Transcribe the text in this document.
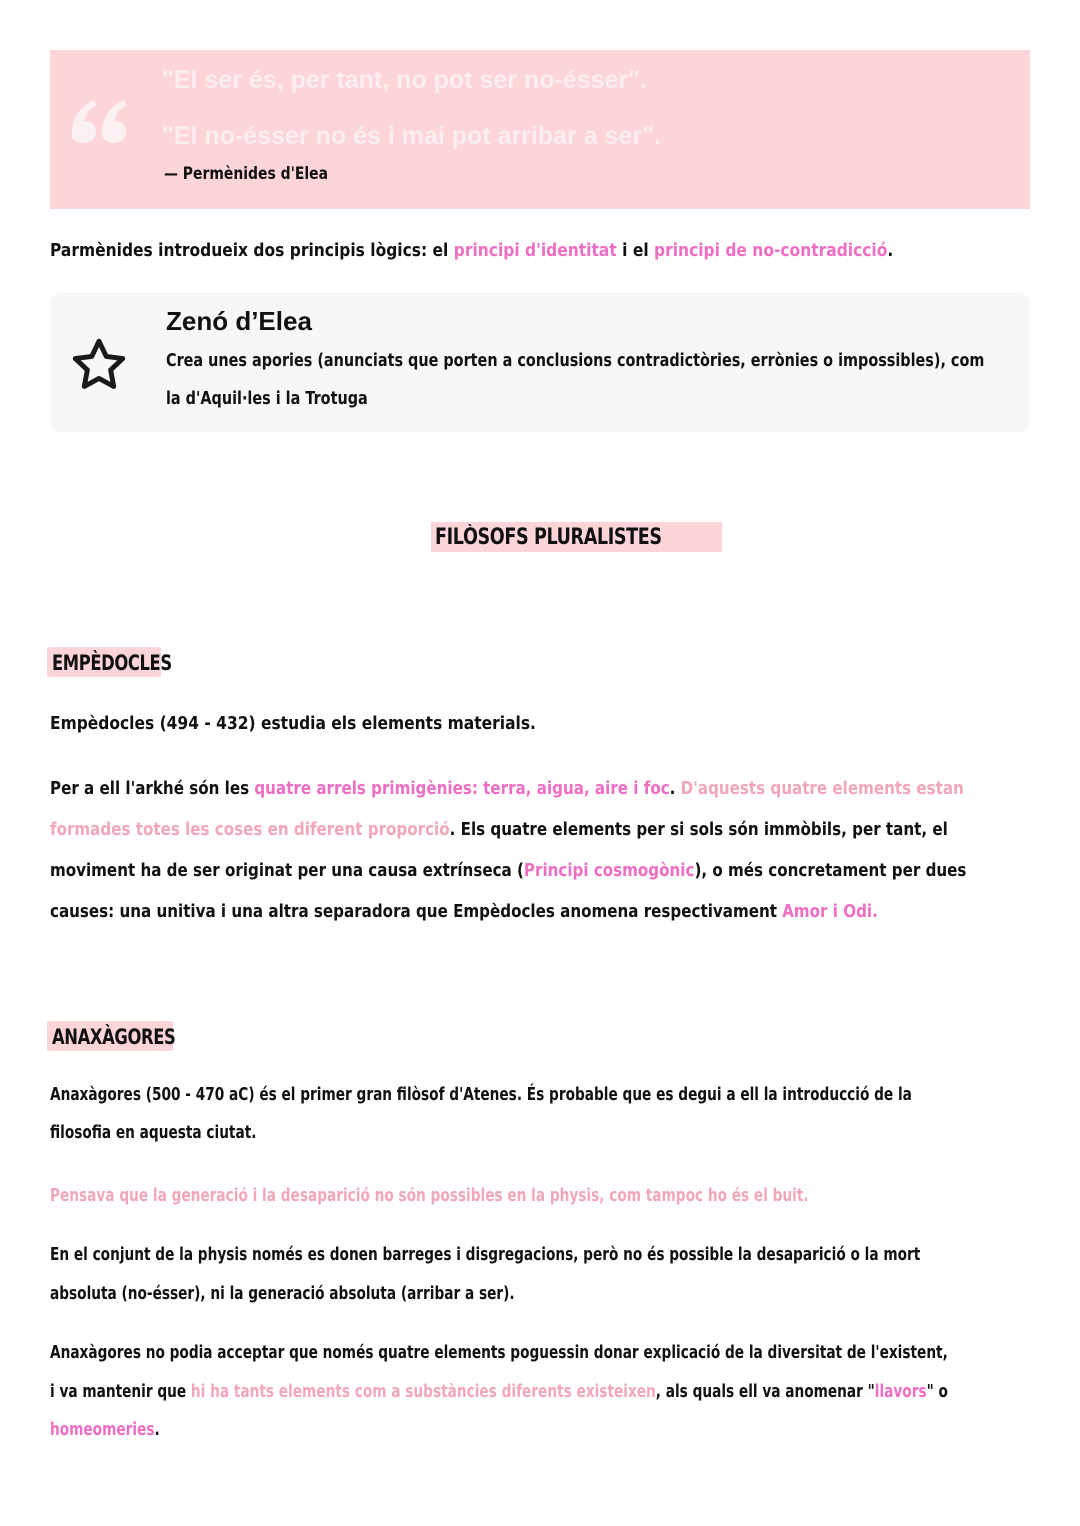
"El ser és, per tant, no pot ser no-ésser".
"El no-ésser no és i mai pot arribar a ser".
— Permènides d'Elea
Parmènides introdueix dos principis lògics: el principi d'identitat i el principi de no-contradicció.
Zenó d’Elea
Crea unes apories (anunciats que porten a conclusions contradictòries, errònies o impossibles), com
la d'Aquil·les i la Trotuga
FILÒSOFS PLURALISTES
EMPÈDOCLES
Empèdocles (494 - 432) estudia els elements materials.
Per a ell l'arkhé són les quatre arrels primigènies: terra, aigua, aire i foc. D'aquests quatre elements estan
formades totes les coses en diferent proporció. Els quatre elements per si sols són immòbils, per tant, el
moviment ha de ser originat per una causa extrínseca (Principi cosmogònic), o més concretament per dues
causes: una unitiva i una altra separadora que Empèdocles anomena respectivament Amor i Odi.
ANAXÀGORES
Anaxàgores (500 - 470 aC) és el primer gran filòsof d'Atenes. És probable que es degui a ell la introducció de la
filosofia en aquesta ciutat.
Pensava que la generació i la desaparició no són possibles en la physis, com tampoc ho és el buit.
En el conjunt de la physis només es donen barreges i disgregacions, però no és possible la desaparició o la mort
absoluta (no-ésser), ni la generació absoluta (arribar a ser).
Anaxàgores no podia acceptar que només quatre elements poguessin donar explicació de la diversitat de l'existent,
i va mantenir que hi ha tants elements com a substàncies diferents existeixen, als quals ell va anomenar "llavors" o
homeomeries.
